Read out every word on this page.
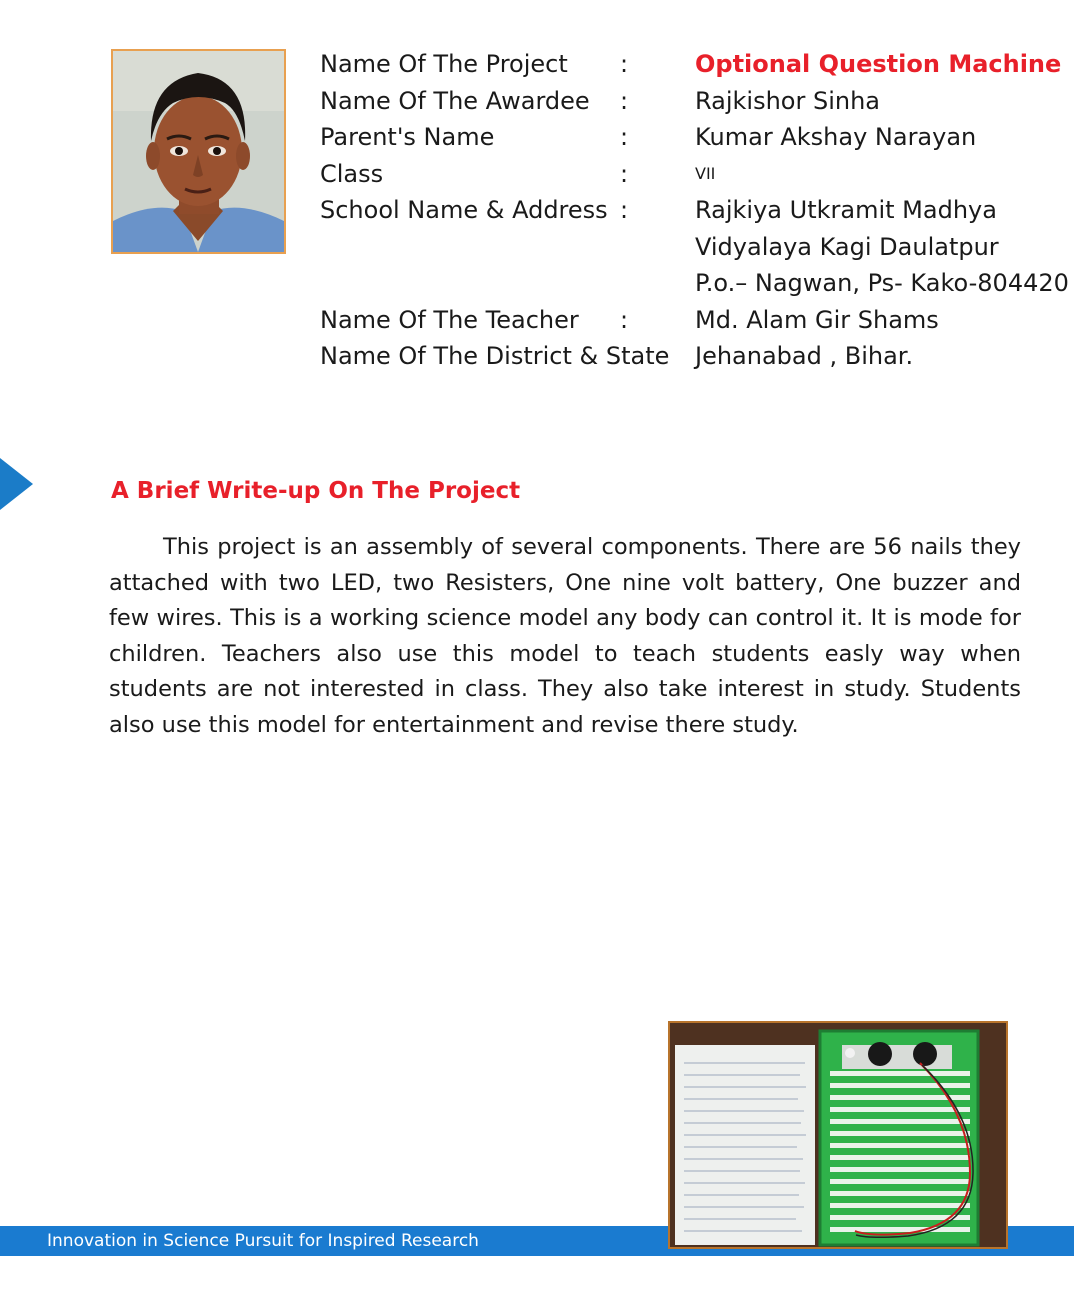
Name Of The Project :	Optional Question Machine
Name Of The Awardee :	Rajkishor Sinha
Parent's Name	:	Kumar Akshay Narayan
Class	:	VII
School Name & Address :	Rajkiya Utkramit Madhya
Vidyalaya Kagi Daulatpur
P.o.– Nagwan, Ps- Kako-804420
Name Of The Teacher :	Md. Alam Gir Shams
Name Of The District & State Jehanabad , Bihar.
A Brief Write-up On The Project

This project is an assembly of several components. There are 56 nails they attached with two LED, two Resisters, One nine volt battery, One buzzer and few wires. This is a working science model any body can control it. It is mode for children. Teachers also use this model to teach students easly way when students are not interested in class. They also take interest in study. Students also use this model for entertainment and revise there study.

Innovation in Science Pursuit for Inspired Research
